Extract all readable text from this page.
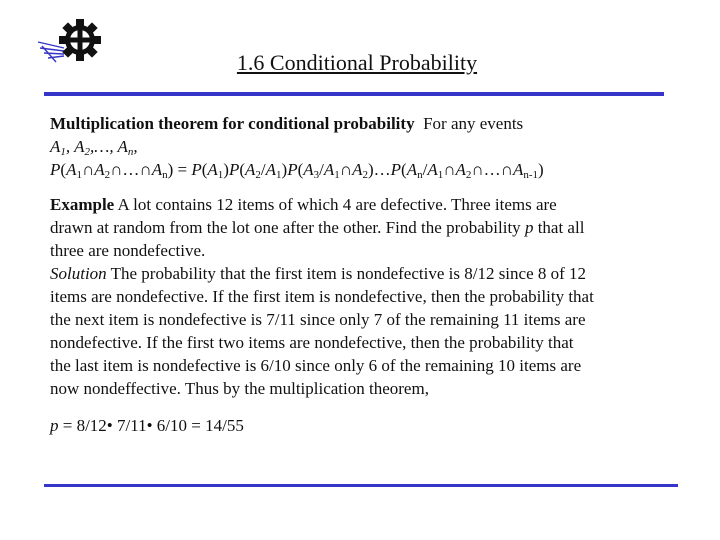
1.6 Conditional Probability
Multiplication theorem for conditional probability For any events
$A_1$, $A_2,\dots$, $A_n$,
$P(A_1\cap A_2\cap\dots\cap A_n)$ = $P(A_1)P(A_2/A_1)P(A_3/A_1\cap A_2)\dots P(A_n/A_1\cap A_2\cap\dots\cap A_{n-1})$
Example A lot contains 12 items of which 4 are defective. Three items are
drawn at random from the lot one after the other. Find the probability p that all
three are nondefective.
Solution The probability that the first item is nondefective is 8/12 since 8 of 12
items are nondefective. If the first item is nondefective, then the probability that
the next item is nondefective is 7/11 since only 7 of the remaining 11 items are
nondefective. If the first two items are nondefective, then the probability that
the last item is nondefective is 6/10 since only 6 of the remaining 10 items are
now nondeffective. Thus by the multiplication theorem,
p = 8/12• 7/11• 6/10 = 14/55
